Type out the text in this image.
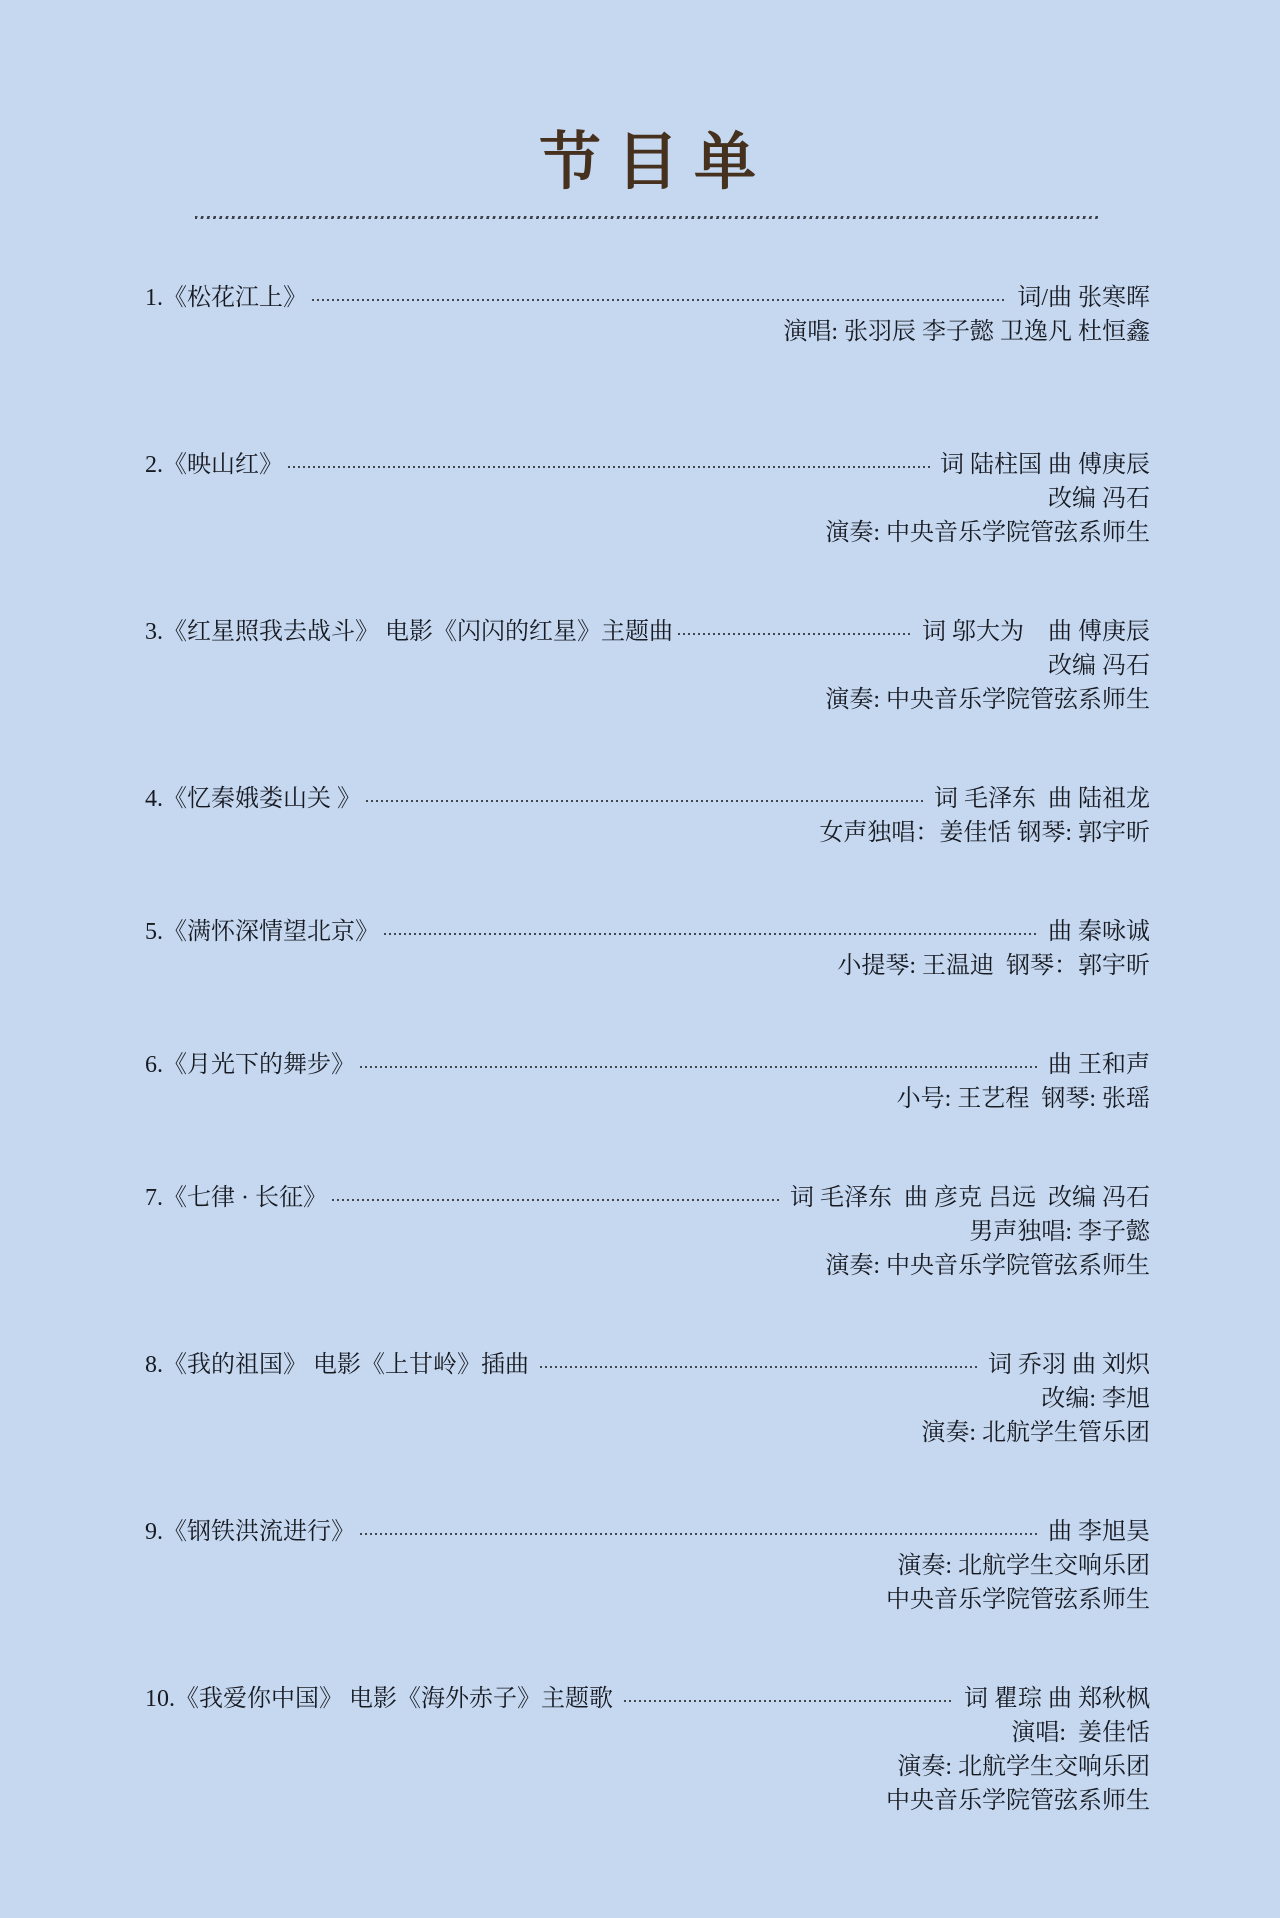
节 目 单
1.《松花江上》	词/曲 张寒晖
演唱: 张羽辰 李子懿 卫逸凡 杜恒鑫
2.《映山红》	词 陆柱国 曲 傅庚辰
改编 冯石
演奏: 中央音乐学院管弦系师生
3.《红星照我去战斗》 电影《闪闪的红星》主题曲	词 邬大为　曲 傅庚辰
改编 冯石
演奏: 中央音乐学院管弦系师生
4.《忆秦娥娄山关 》	词 毛泽东  曲 陆祖龙
女声独唱：姜佳恬 钢琴: 郭宇昕
5.《满怀深情望北京》	曲 秦咏诚
小提琴: 王温迪  钢琴：郭宇昕
6.《月光下的舞步》	曲 王和声
小号: 王艺程  钢琴: 张瑶
7.《七律 · 长征》	词 毛泽东  曲 彦克 吕远  改编 冯石
男声独唱: 李子懿
演奏: 中央音乐学院管弦系师生
8.《我的祖国》 电影《上甘岭》插曲	词 乔羽 曲 刘炽
改编: 李旭
演奏: 北航学生管乐团
9.《钢铁洪流进行》	曲 李旭昊
演奏: 北航学生交响乐团
中央音乐学院管弦系师生
10.《我爱你中国》 电影《海外赤子》主题歌	词 瞿琮 曲 郑秋枫
演唱:  姜佳恬
演奏: 北航学生交响乐团
中央音乐学院管弦系师生
